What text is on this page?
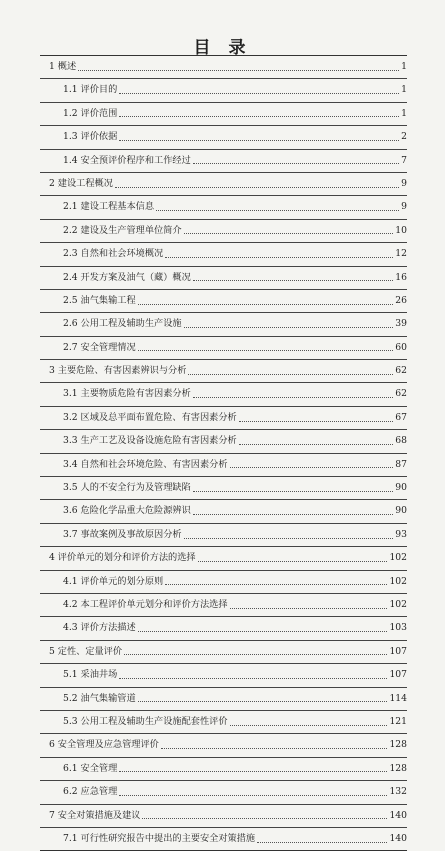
目 录
1 概述	1
1.1 评价目的	1
1.2 评价范围	1
1.3 评价依据	2
1.4 安全预评价程序和工作经过	7
2 建设工程概况	9
2.1 建设工程基本信息	9
2.2 建设及生产管理单位简介	10
2.3 自然和社会环境概况	12
2.4 开发方案及油气（藏）概况	16
2.5 油气集输工程	26
2.6 公用工程及辅助生产设施	39
2.7 安全管理情况	60
3 主要危险、有害因素辨识与分析	62
3.1 主要物质危险有害因素分析	62
3.2 区域及总平面布置危险、有害因素分析	67
3.3 生产工艺及设备设施危险有害因素分析	68
3.4 自然和社会环境危险、有害因素分析	87
3.5 人的不安全行为及管理缺陷	90
3.6 危险化学品重大危险源辨识	90
3.7 事故案例及事故原因分析	93
4 评价单元的划分和评价方法的选择	102
4.1 评价单元的划分原则	102
4.2 本工程评价单元划分和评价方法选择	102
4.3 评价方法描述	103
5 定性、定量评价	107
5.1 采油井场	107
5.2 油气集输管道	114
5.3 公用工程及辅助生产设施配套性评价	121
6 安全管理及应急管理评价	128
6.1 安全管理	128
6.2 应急管理	132
7 安全对策措施及建议	140
7.1 可行性研究报告中提出的主要安全对策措施	140
